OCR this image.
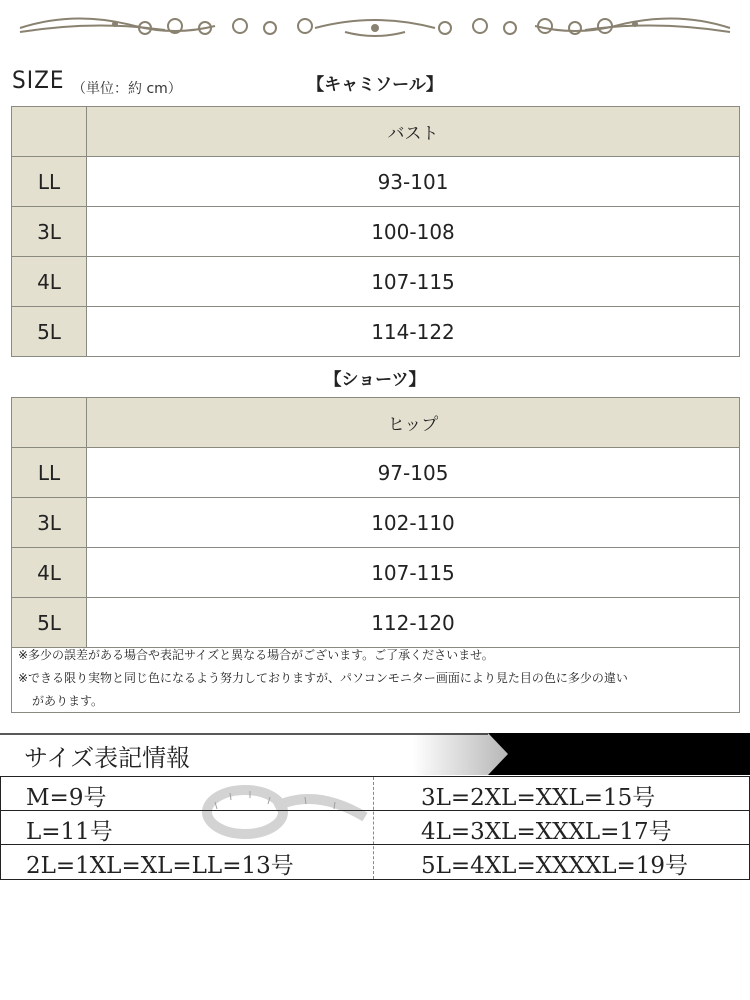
SIZE （単位：約 cm）	【キャミソール】
	バスト
LL	93-101
3L	100-108
4L	107-115
5L	114-122
【ショーツ】
	ヒップ
LL	97-105
3L	102-110
4L	107-115
5L	112-120

※多少の誤差がある場合や表記サイズと異なる場合がございます。ご了承くださいませ。

※できる限り実物と同じ色になるよう努力しておりますが、パソコンモニター画面により見た目の色に多少の違い

があります。

サイズ表記情報
M=9号	3L=2XL=XXL=15号
L=11号	4L=3XL=XXXL=17号
2L=1XL=XL=LL=13号	5L=4XL=XXXXL=19号
